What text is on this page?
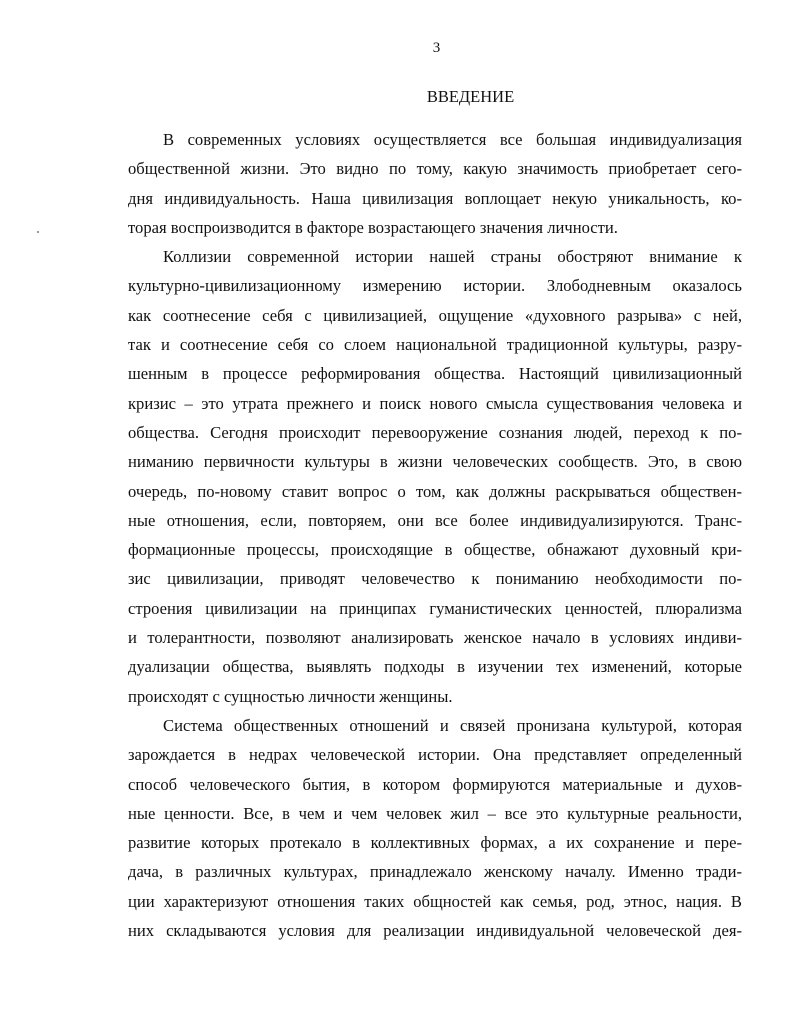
3
ВВЕДЕНИЕ
В современных условиях осуществляется все большая индивидуализация
общественной жизни. Это видно по тому, какую значимость приобретает сего-
дня индивидуальность. Наша цивилизация воплощает некую уникальность, ко-
торая воспроизводится в факторе возрастающего значения личности.
Коллизии современной истории нашей страны обостряют внимание к
культурно-цивилизационному измерению истории. Злободневным оказалось
как соотнесение себя с цивилизацией, ощущение «духовного разрыва» с ней,
так и соотнесение себя со слоем национальной традиционной культуры, разру-
шенным в процессе реформирования общества. Настоящий цивилизационный
кризис – это утрата прежнего и поиск нового смысла существования человека и
общества. Сегодня происходит перевооружение сознания людей, переход к по-
ниманию первичности культуры в жизни человеческих сообществ. Это, в свою
очередь, по-новому ставит вопрос о том, как должны раскрываться обществен-
ные отношения, если, повторяем, они все более индивидуализируются. Транс-
формационные процессы, происходящие в обществе, обнажают духовный кри-
зис цивилизации, приводят человечество к пониманию необходимости по-
строения цивилизации на принципах гуманистических ценностей, плюрализма
и толерантности, позволяют анализировать женское начало в условиях индиви-
дуализации общества, выявлять подходы в изучении тех изменений, которые
происходят с сущностью личности женщины.
Система общественных отношений и связей пронизана культурой, которая
зарождается в недрах человеческой истории. Она представляет определенный
способ человеческого бытия, в котором формируются материальные и духов-
ные ценности. Все, в чем и чем человек жил – все это культурные реальности,
развитие которых протекало в коллективных формах, а их сохранение и пере-
дача, в различных культурах, принадлежало женскому началу. Именно тради-
ции характеризуют отношения таких общностей как семья, род, этнос, нация. В
них складываются условия для реализации индивидуальной человеческой дея-
